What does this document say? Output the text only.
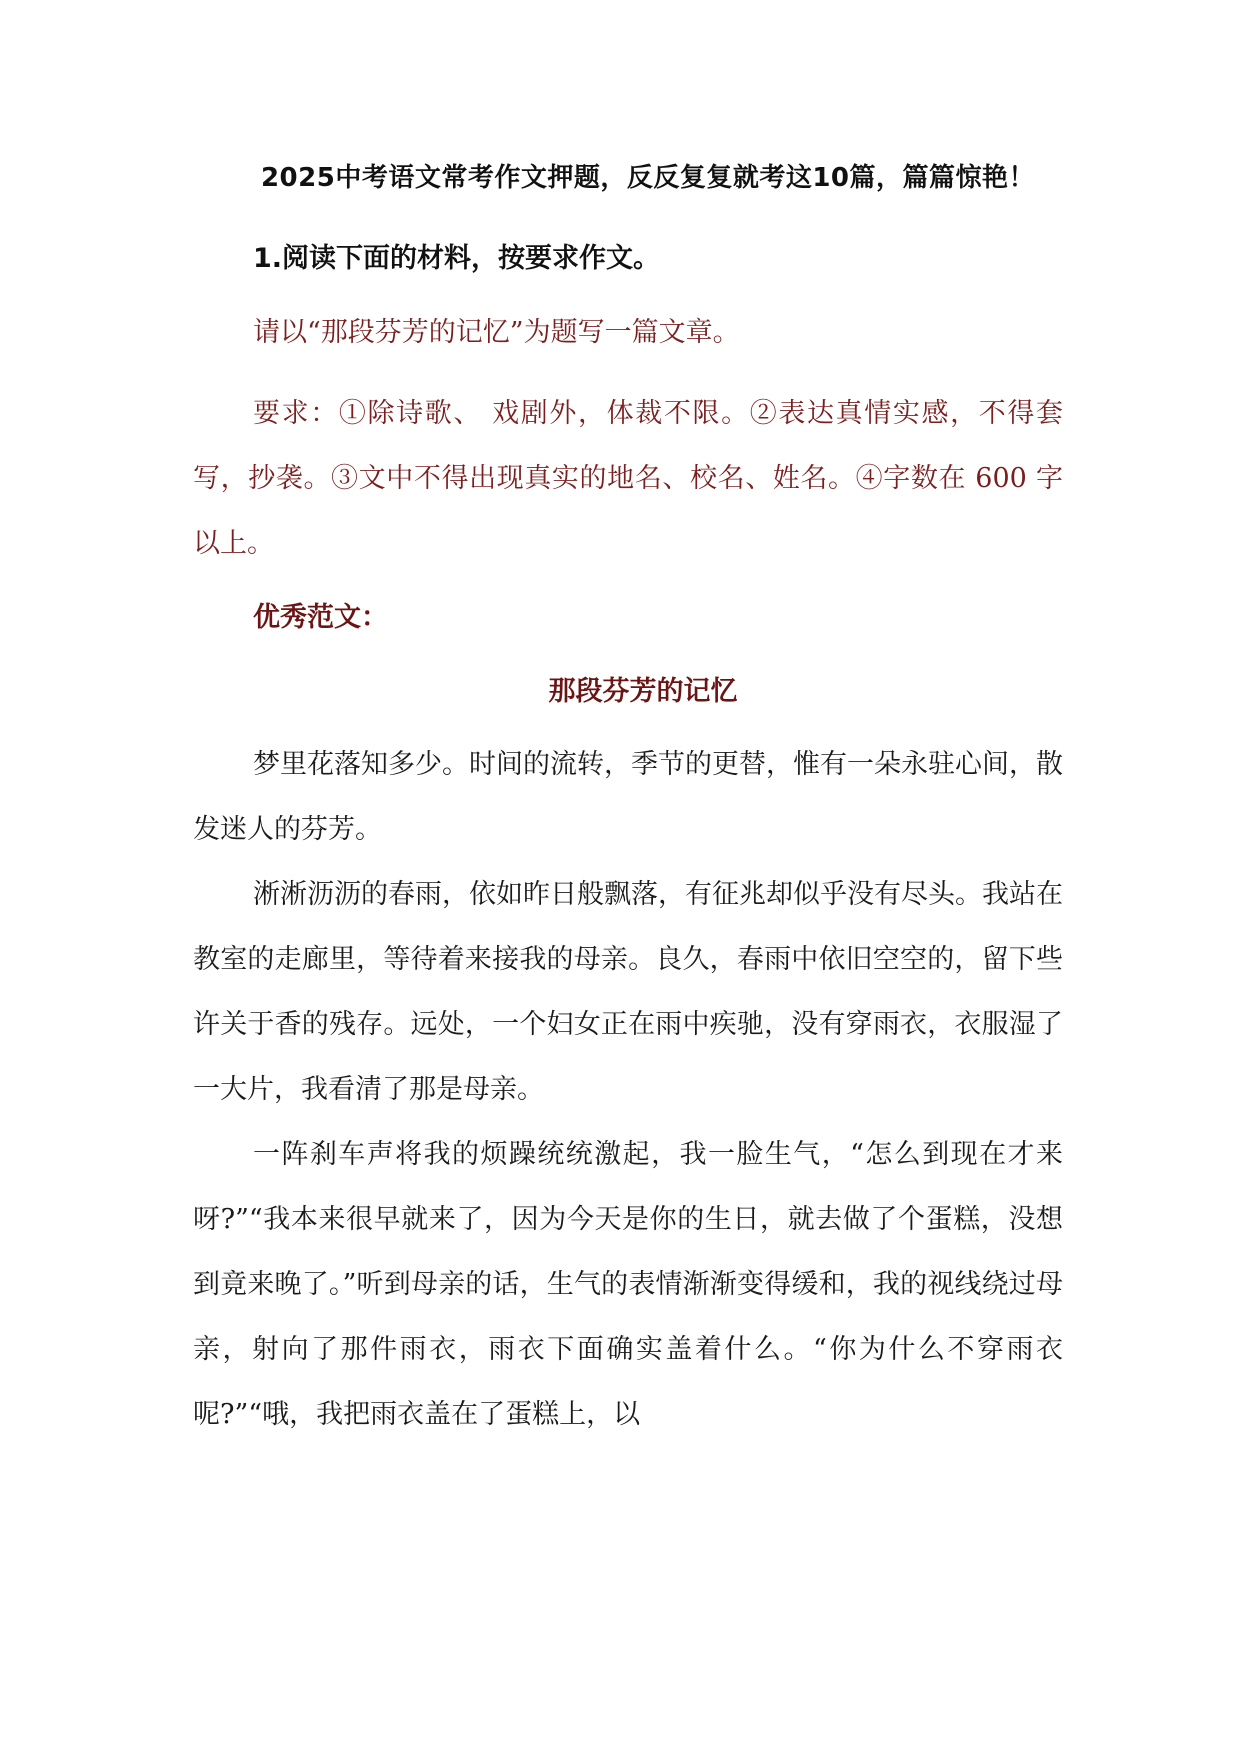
2025中考语文常考作文押题，反反复复就考这10篇，篇篇惊艳！

1.阅读下面的材料，按要求作文。

请以“那段芬芳的记忆”为题写一篇文章。

要求：①除诗歌、 戏剧外，体裁不限。②表达真情实感，不得套写，抄袭。③文中不得出现真实的地名、校名、姓名。④字数在 600 字以上。

优秀范文：

那段芬芳的记忆

梦里花落知多少。时间的流转，季节的更替，惟有一朵永驻心间，散发迷人的芬芳。

淅淅沥沥的春雨，依如昨日般飘落，有征兆却似乎没有尽头。我站在教室的走廊里，等待着来接我的母亲。良久，春雨中依旧空空的，留下些许关于香的残存。远处，一个妇女正在雨中疾驰，没有穿雨衣，衣服湿了一大片，我看清了那是母亲。

一阵刹车声将我的烦躁统统激起，我一脸生气，“怎么到现在才来呀?”“我本来很早就来了，因为今天是你的生日，就去做了个蛋糕，没想到竟来晚了。”听到母亲的话，生气的表情渐渐变得缓和，我的视线绕过母亲，射向了那件雨衣，雨衣下面确实盖着什么。“你为什么不穿雨衣呢?”“哦，我把雨衣盖在了蛋糕上，以
